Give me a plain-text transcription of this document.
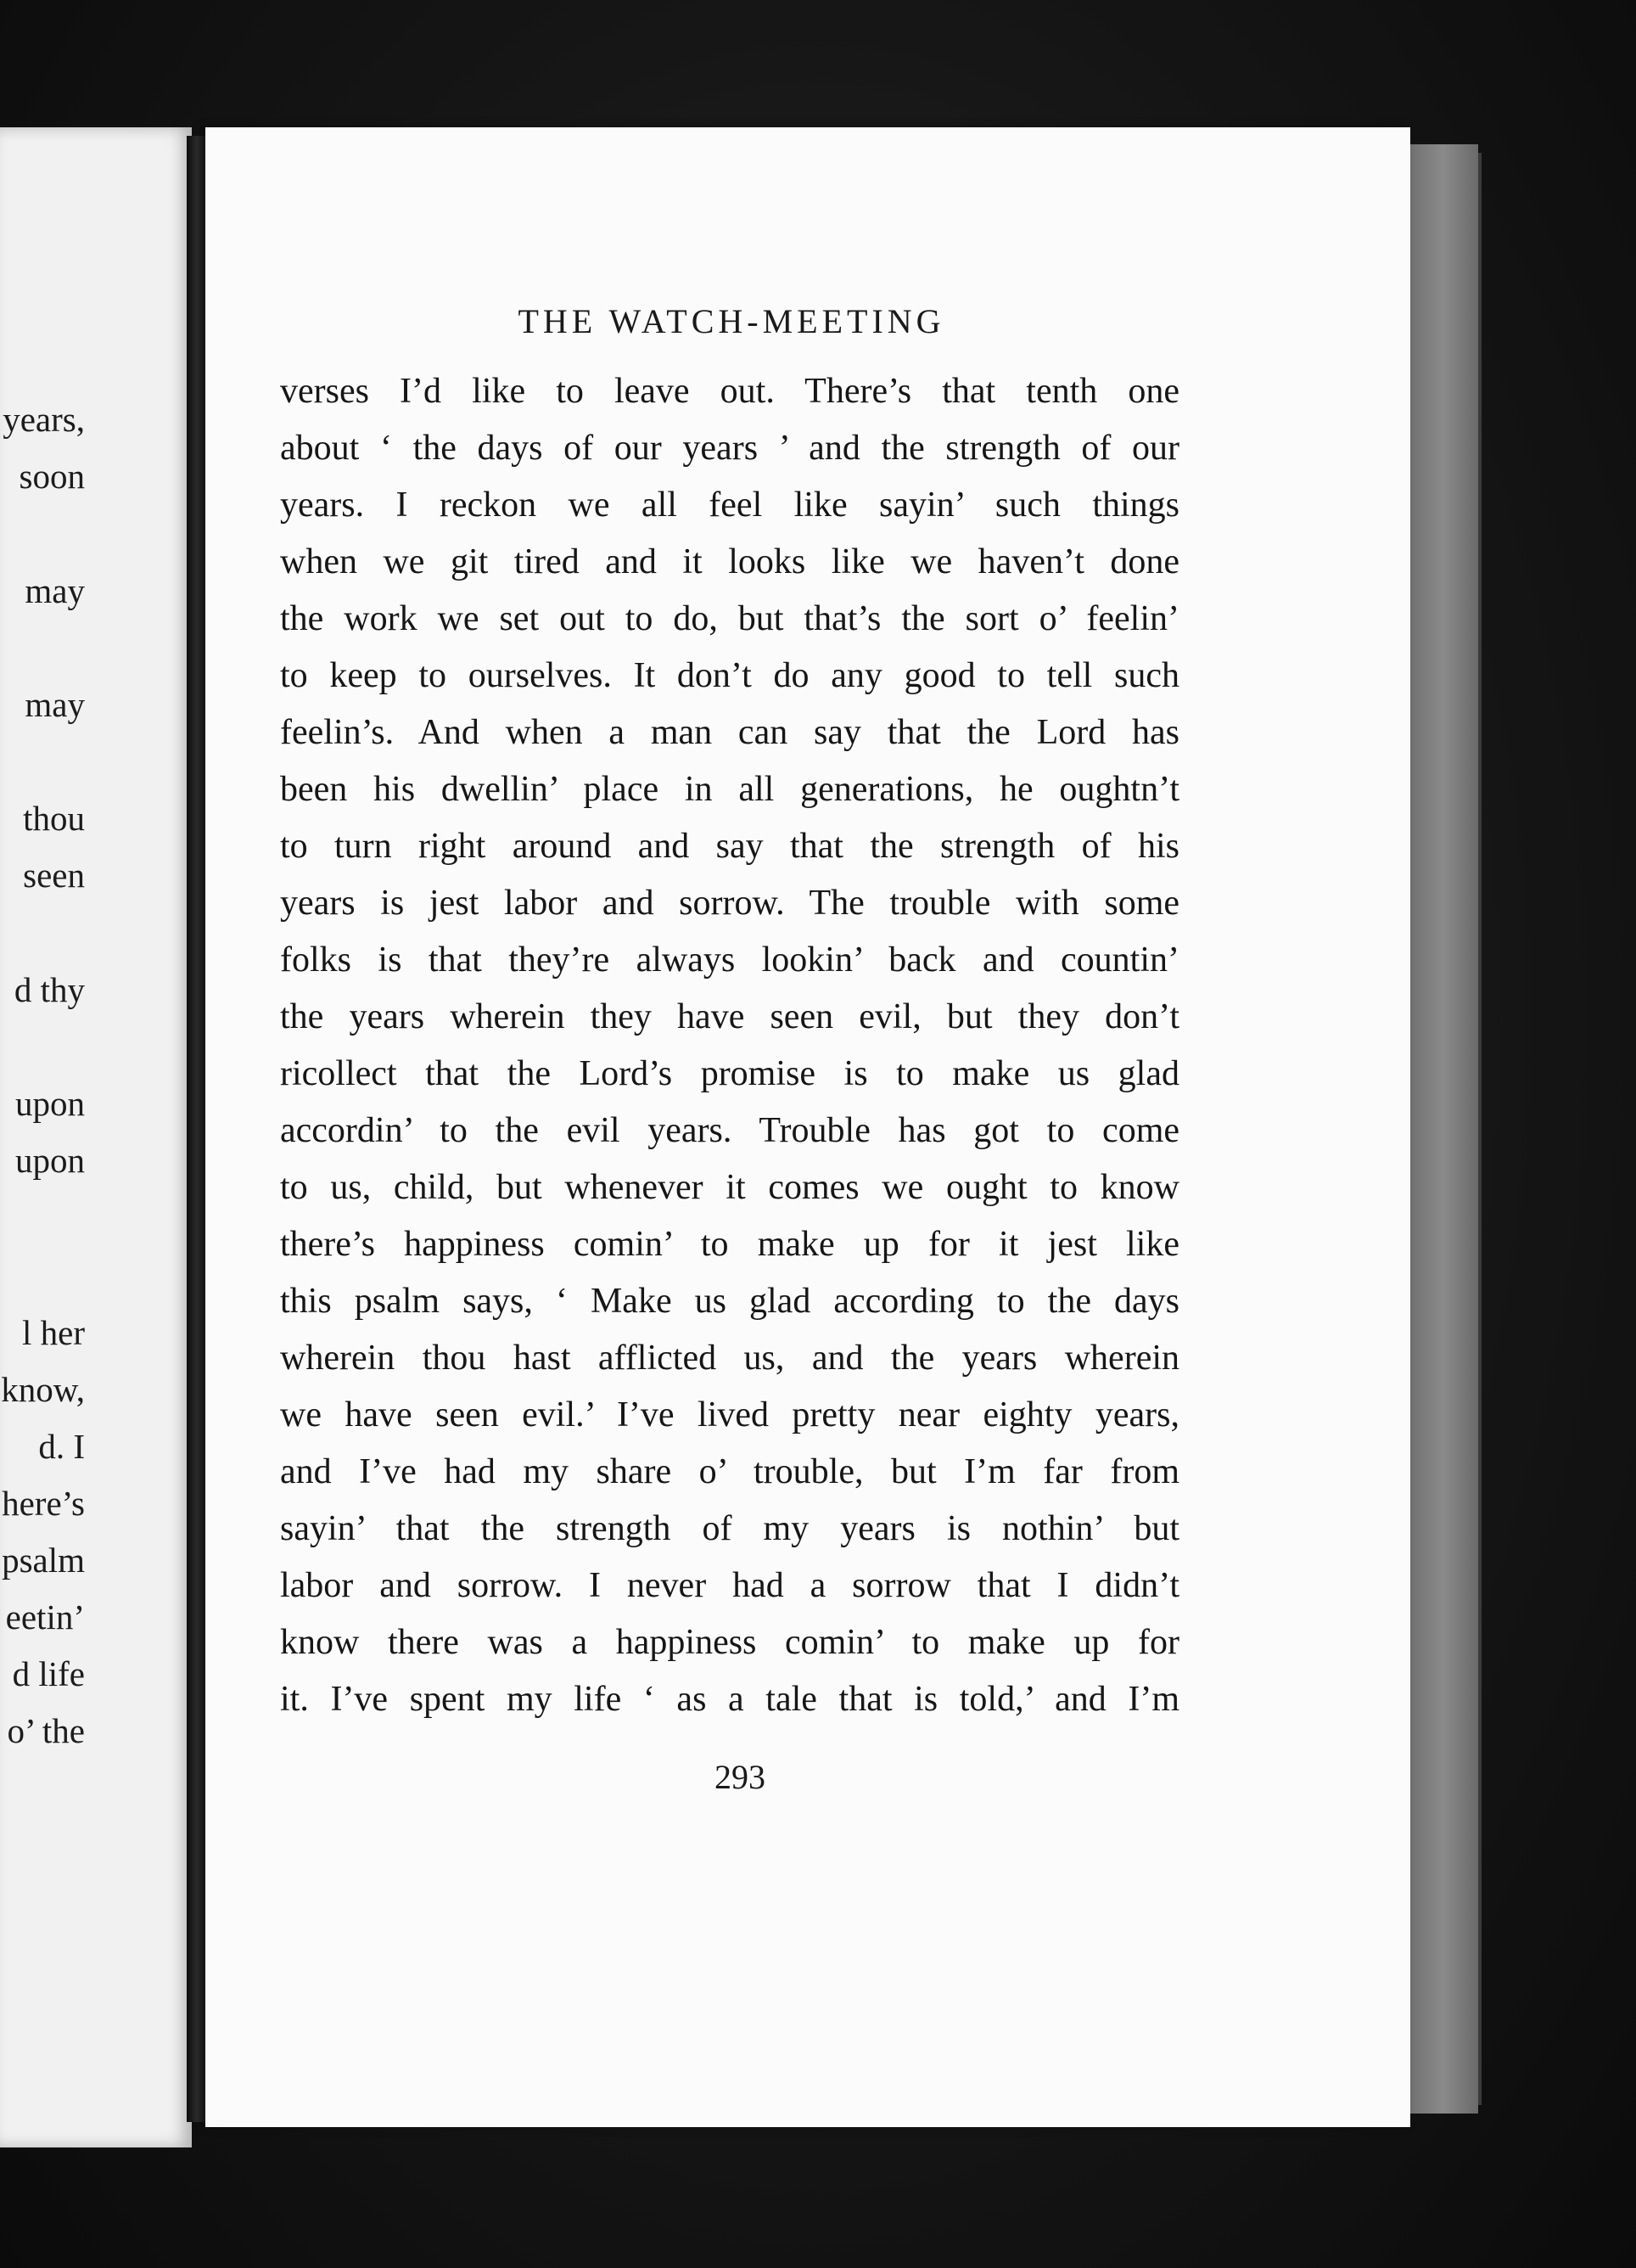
years,
soon
may
may
thou
seen
d thy
upon
upon
l her
know,
d. I
here’s
psalm
eetin’
d life
o’ the
THE WATCH-MEETING
verses I’d like to leave out. There’s that tenth one
about ‘ the days of our years ’ and the strength of our
years. I reckon we all feel like sayin’ such things
when we git tired and it looks like we haven’t done
the work we set out to do, but that’s the sort o’ feelin’
to keep to ourselves. It don’t do any good to tell such
feelin’s. And when a man can say that the Lord has
been his dwellin’ place in all generations, he oughtn’t
to turn right around and say that the strength of his
years is jest labor and sorrow. The trouble with some
folks is that they’re always lookin’ back and countin’
the years wherein they have seen evil, but they don’t
ricollect that the Lord’s promise is to make us glad
accordin’ to the evil years. Trouble has got to come
to us, child, but whenever it comes we ought to know
there’s happiness comin’ to make up for it jest like
this psalm says, ‘ Make us glad according to the days
wherein thou hast afflicted us, and the years wherein
we have seen evil.’ I’ve lived pretty near eighty years,
and I’ve had my share o’ trouble, but I’m far from
sayin’ that the strength of my years is nothin’ but
labor and sorrow. I never had a sorrow that I didn’t
know there was a happiness comin’ to make up for
it. I’ve spent my life ‘ as a tale that is told,’ and I’m
293
